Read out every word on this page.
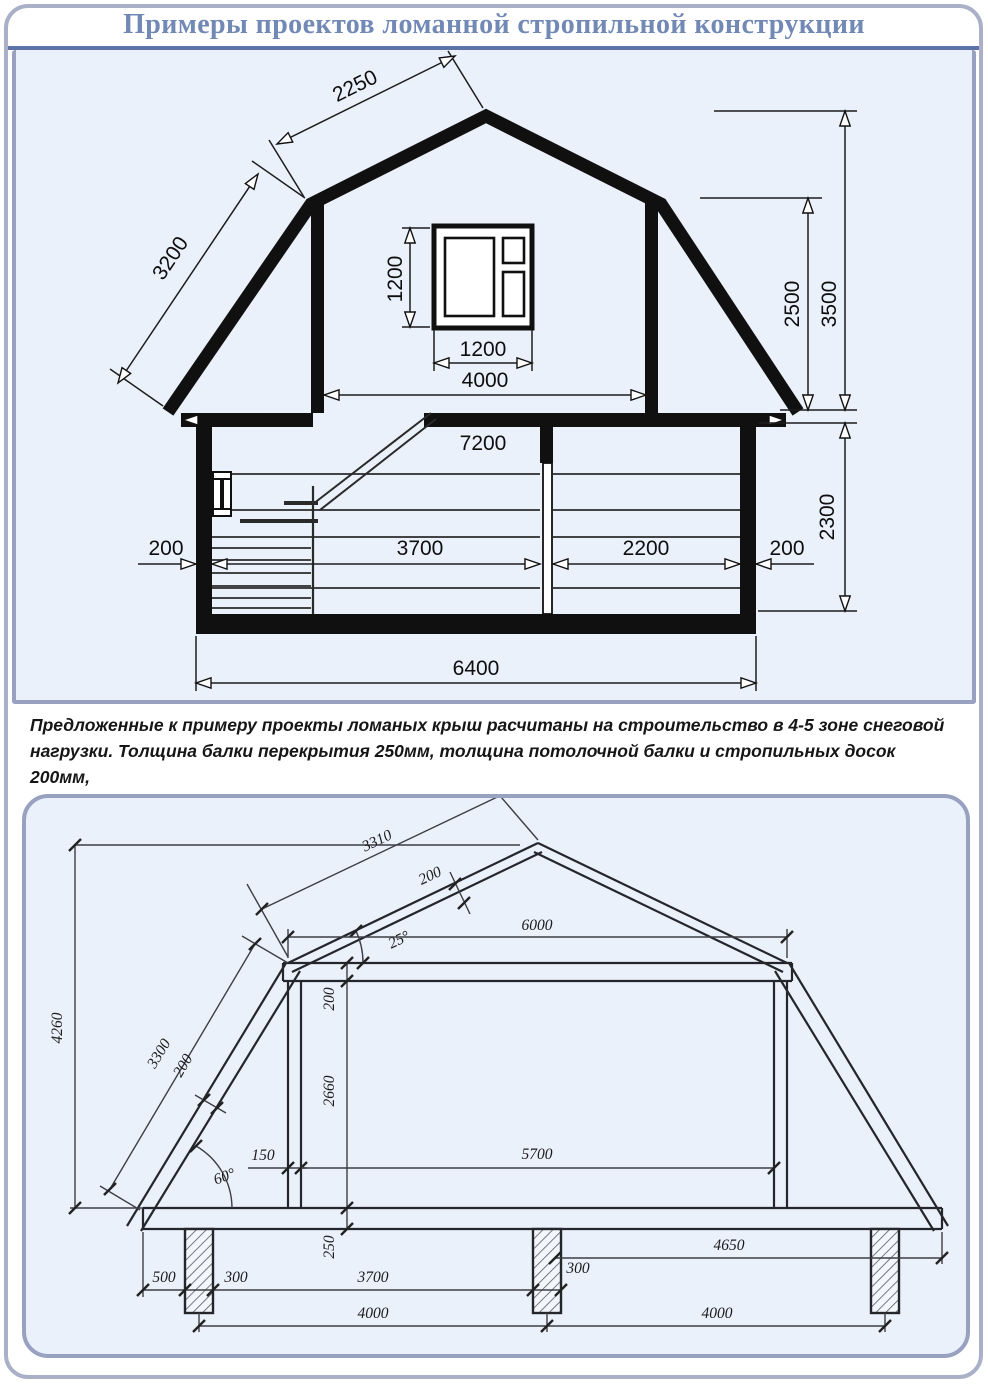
Примеры проектов ломанной стропильной конструкции
2250
3200	1200
1200
4000
7200
2500 3500
2300
200	3700	2200	200
6400
Предложенные к примеру проекты ломаных крыш расчитаны на строительство в 4-5 зоне снеговой
нагрузки. Толщина балки перекрытия 250мм, толщина потолочной балки и стропильных досок 200мм,
4260
3310
200
25°
6000
200
2660
250
3300
200
150	5700
60°
500	300	3700
300
4650
4000	4000
